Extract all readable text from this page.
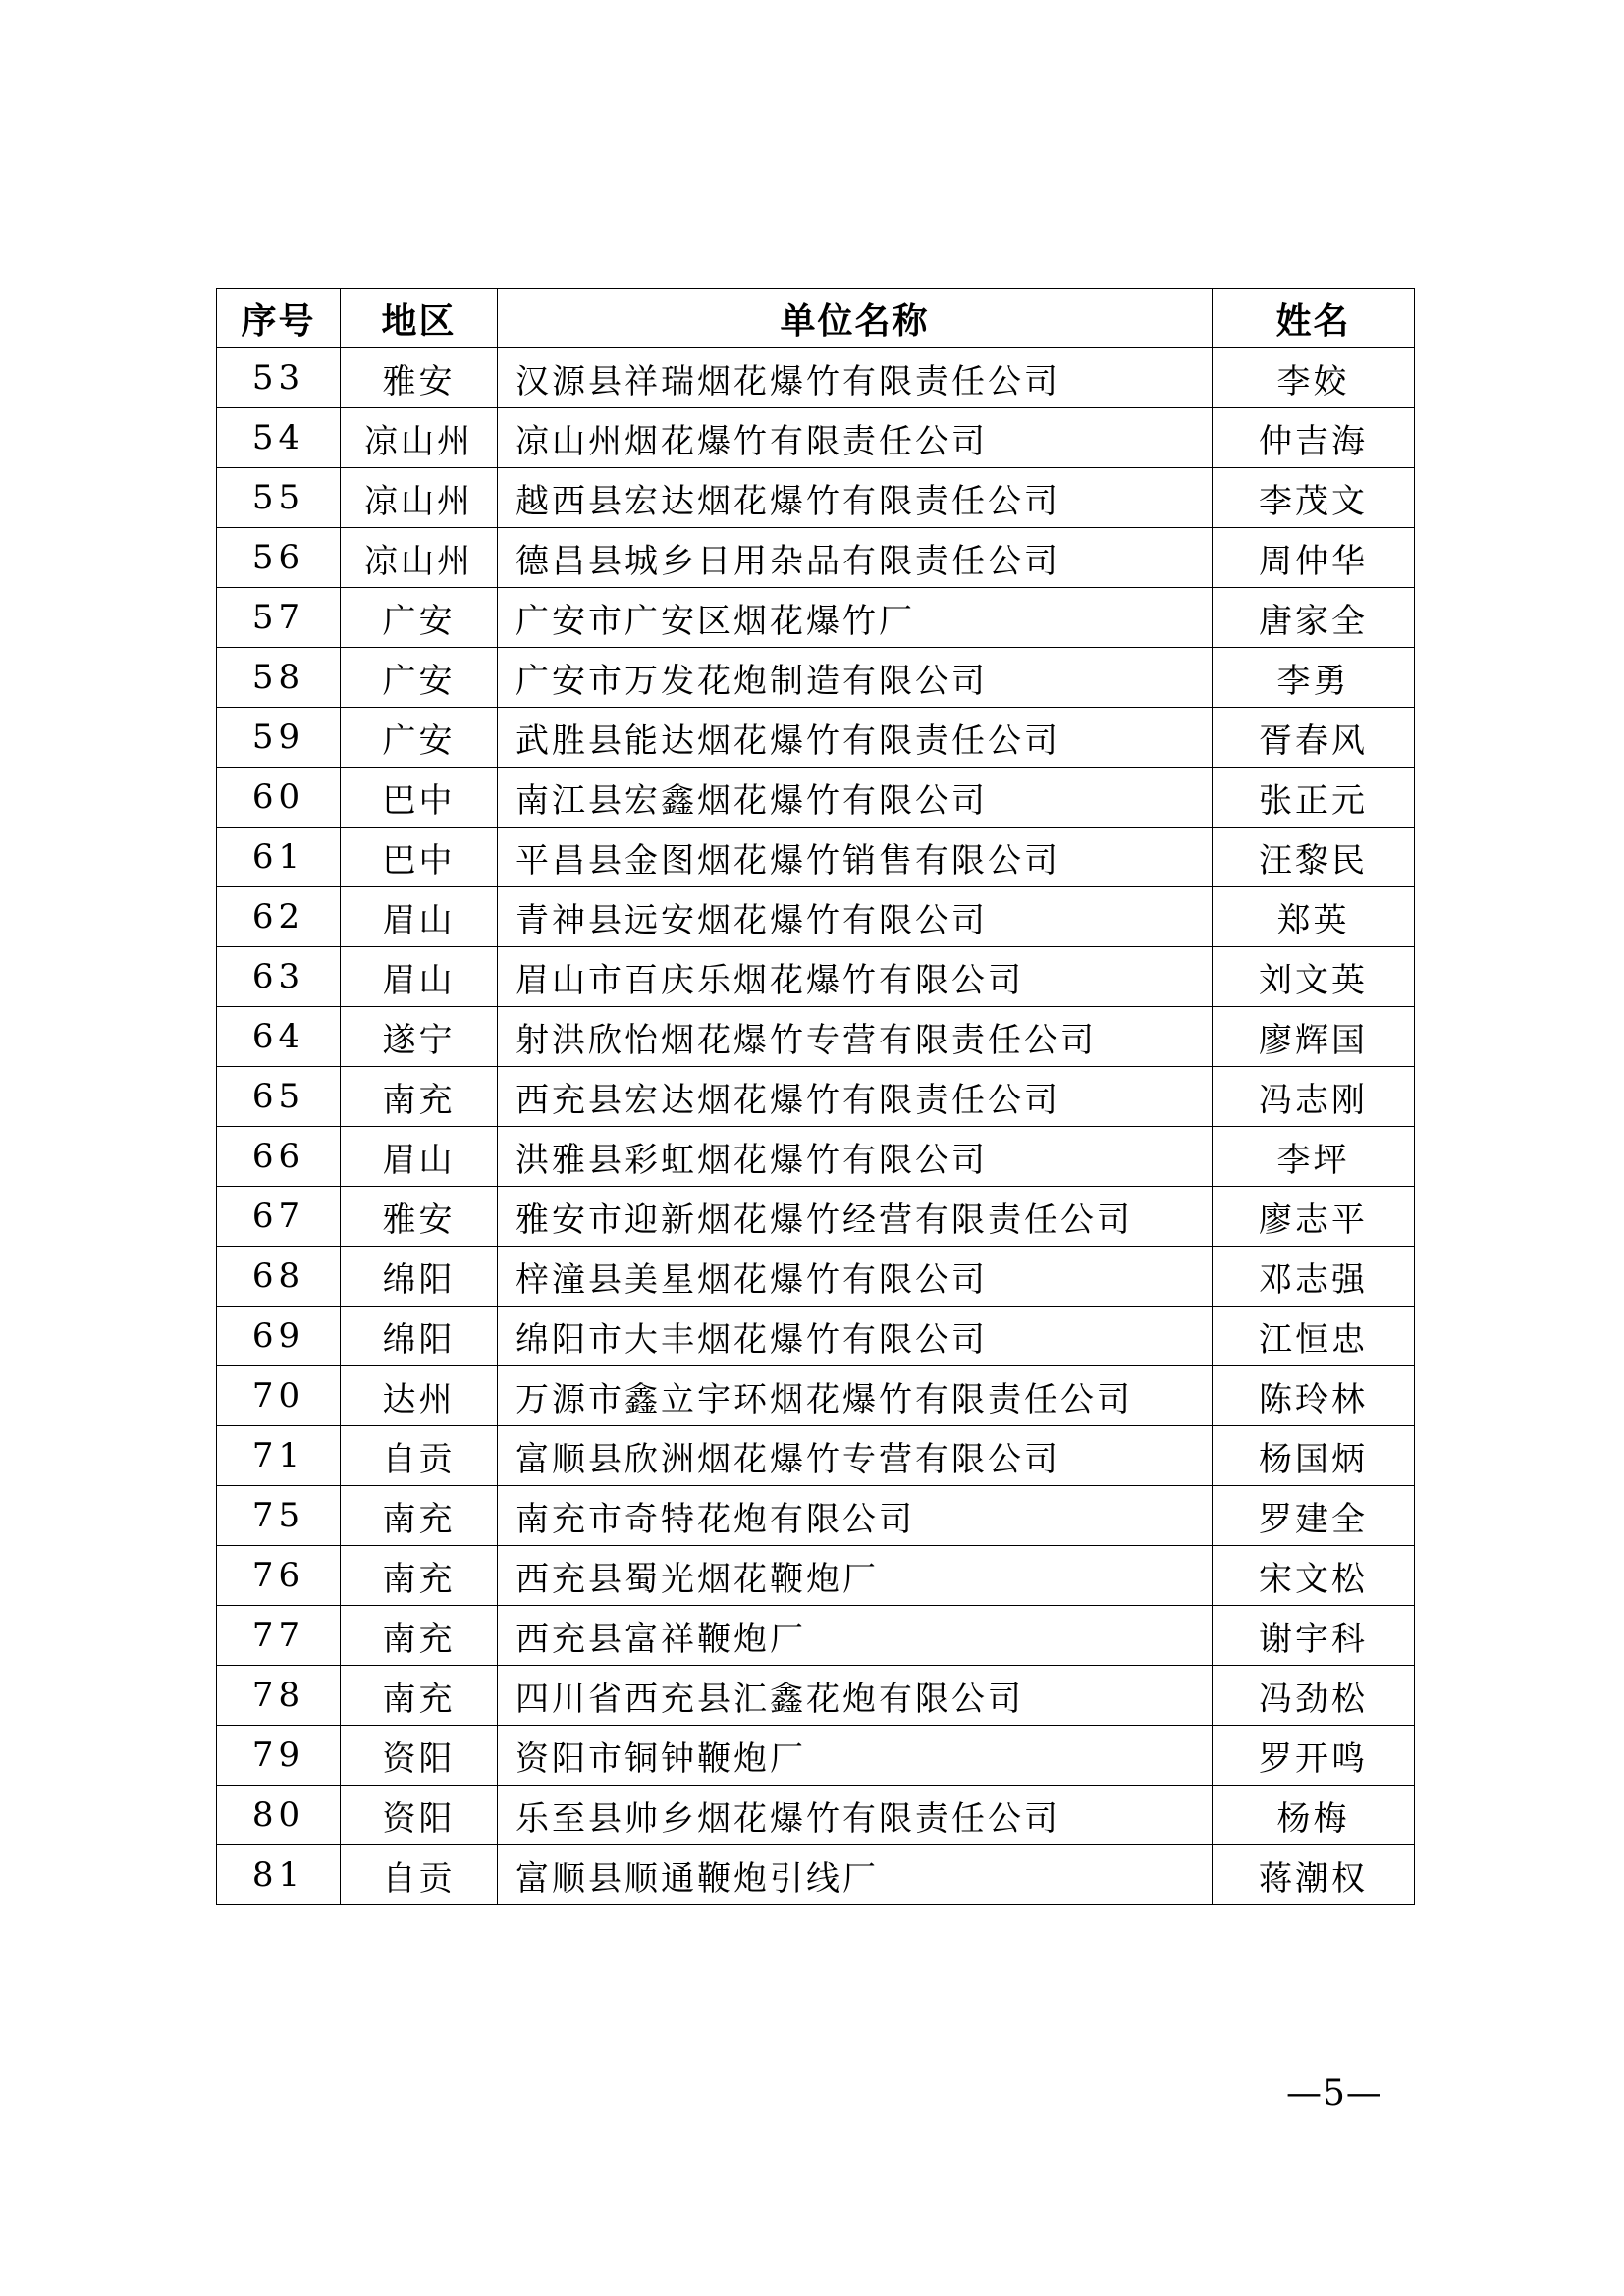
序号	地区	单位名称	姓名
53	雅安	汉源县祥瑞烟花爆竹有限责任公司	李姣
54	凉山州	凉山州烟花爆竹有限责任公司	仲吉海
55	凉山州	越西县宏达烟花爆竹有限责任公司	李茂文
56	凉山州	德昌县城乡日用杂品有限责任公司	周仲华
57	广安	广安市广安区烟花爆竹厂	唐家全
58	广安	广安市万发花炮制造有限公司	李勇
59	广安	武胜县能达烟花爆竹有限责任公司	胥春风
60	巴中	南江县宏鑫烟花爆竹有限公司	张正元
61	巴中	平昌县金图烟花爆竹销售有限公司	汪黎民
62	眉山	青神县远安烟花爆竹有限公司	郑英
63	眉山	眉山市百庆乐烟花爆竹有限公司	刘文英
64	遂宁	射洪欣怡烟花爆竹专营有限责任公司	廖辉国
65	南充	西充县宏达烟花爆竹有限责任公司	冯志刚
66	眉山	洪雅县彩虹烟花爆竹有限公司	李坪
67	雅安	雅安市迎新烟花爆竹经营有限责任公司	廖志平
68	绵阳	梓潼县美星烟花爆竹有限公司	邓志强
69	绵阳	绵阳市大丰烟花爆竹有限公司	江恒忠
70	达州	万源市鑫立宇环烟花爆竹有限责任公司	陈玲林
71	自贡	富顺县欣洲烟花爆竹专营有限公司	杨国炳
75	南充	南充市奇特花炮有限公司	罗建全
76	南充	西充县蜀光烟花鞭炮厂	宋文松
77	南充	西充县富祥鞭炮厂	谢宇科
78	南充	四川省西充县汇鑫花炮有限公司	冯劲松
79	资阳	资阳市铜钟鞭炮厂	罗开鸣
80	资阳	乐至县帅乡烟花爆竹有限责任公司	杨梅
81	自贡	富顺县顺通鞭炮引线厂	蒋潮权
—5—
